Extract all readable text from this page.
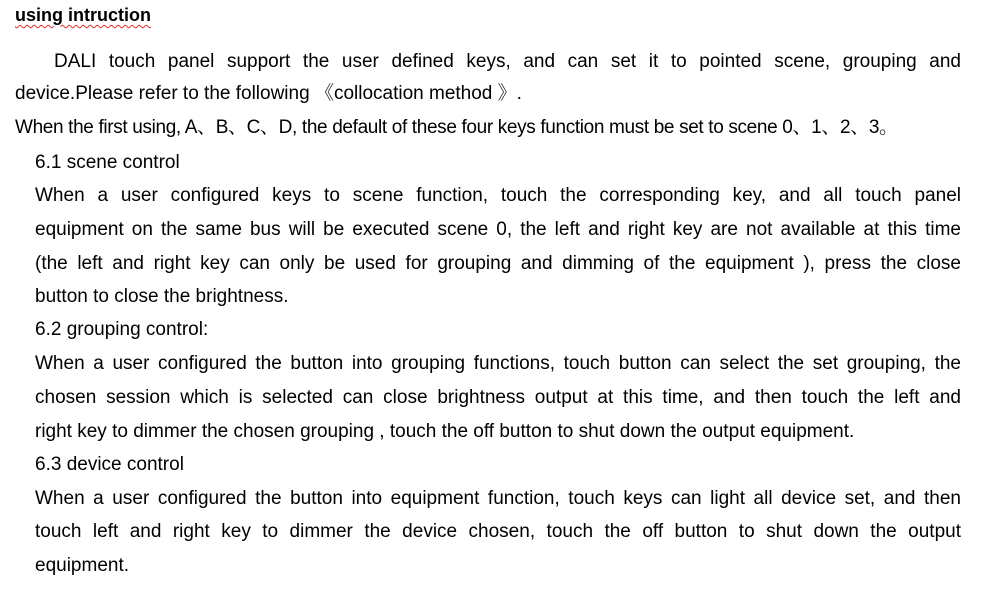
using intruction
DALI touch panel support the user defined keys, and can set it to pointed scene, grouping and
device.Please refer to the following 《collocation method 》.
When the first using, A、B、C、D, the default of these four keys function must be set to scene 0、1、2、3。
6.1 scene control
When a user configured keys to scene function, touch the corresponding key, and all touch panel
equipment on the same bus will be executed scene 0, the left and right key are not available at this time
(the left and right key can only be used for grouping and dimming of the equipment ), press the close
button to close the brightness.
6.2 grouping control:
When a user configured the button into grouping functions, touch button can select the set grouping, the
chosen session which is selected can close brightness output at this time, and then touch the left and
right key to dimmer the chosen grouping , touch the off button to shut down the output equipment.
6.3 device control
When a user configured the button into equipment function, touch keys can light all device set, and then
touch left and right key to dimmer the device chosen, touch the off button to shut down the output
equipment.
